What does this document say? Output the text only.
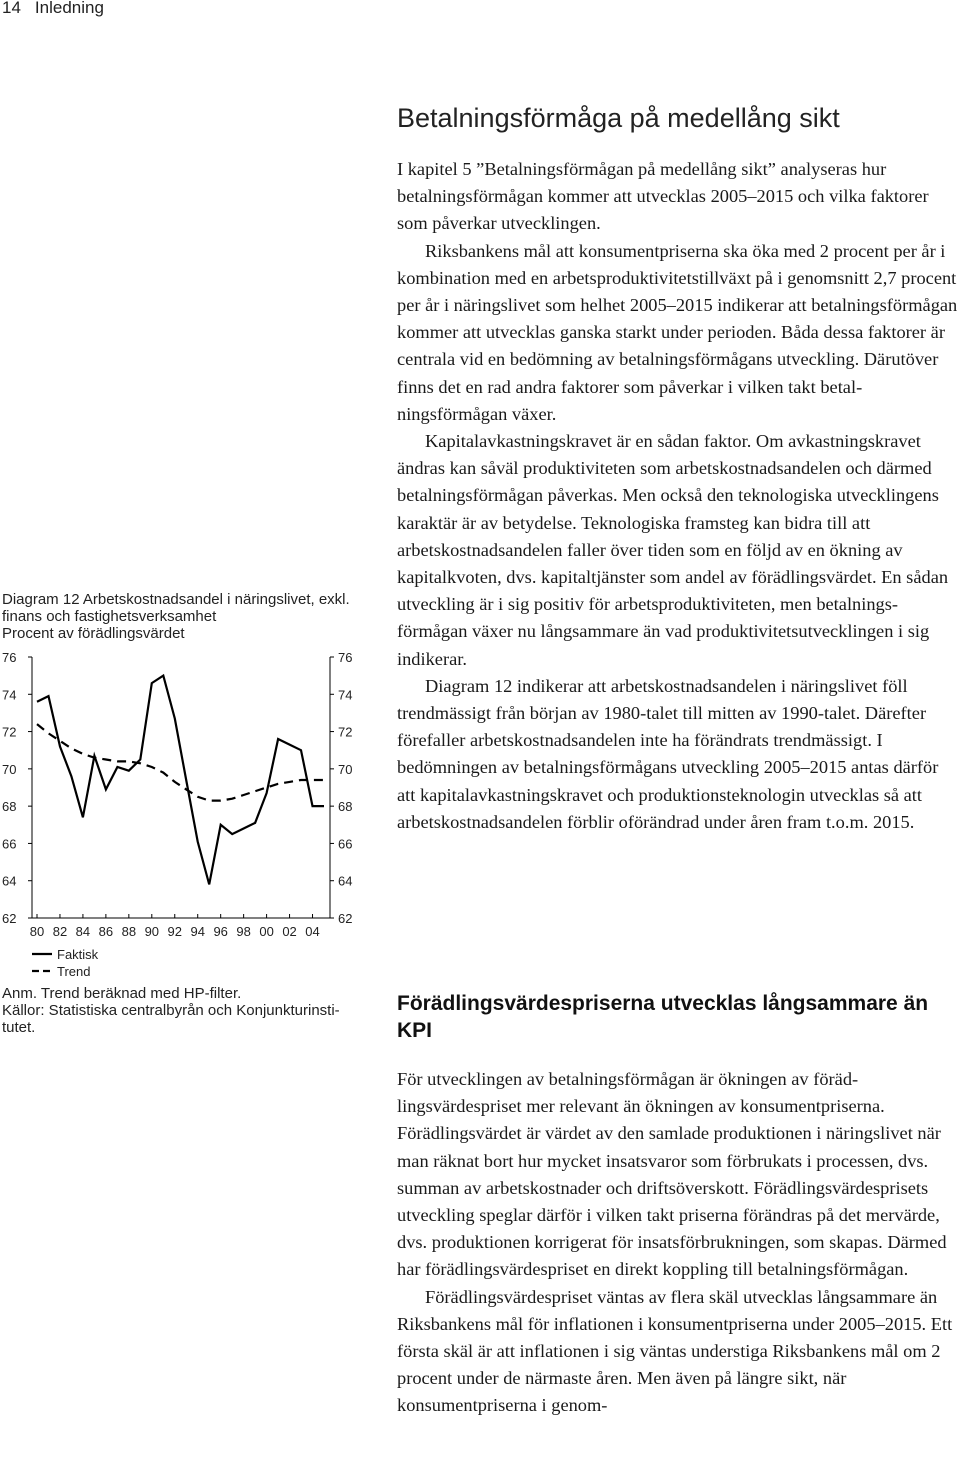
14 Inledning

Diagram 12 Arbetskostnadsandel i näringslivet, exkl. finans och fastighetsverksamhet

Procent av förädlingsvärdet

62	62
64	64
66	66
68	68
70	70
72	72
74	74
76	76
80 82 84 86 88 90 92 94 96 98 00 02 04
Faktisk
Trend

Anm. Trend beräknad med HP-filter.

Källor: Statistiska centralbyrån och Konjunkturinstitutet.

Betalningsförmåga på medellång sikt

I kapitel 5 ”Betalningsförmågan på medellång sikt” analyseras hur betalningsförmågan kommer att utvecklas 2005–2015 och vilka faktorer som påverkar utvecklingen.

Riksbankens mål att konsumentpriserna ska öka med 2 procent per år i kombination med en arbetsproduktivitetstillväxt på i genomsnitt 2,7 procent per år i näringslivet som helhet 2005–2015 indikerar att betalningsförmågan kommer att utvecklas ganska starkt under perioden. Båda dessa faktorer är centrala vid en bedömning av betalningsförmågans utveckling. Därutöver finns det en rad andra faktorer som påverkar i vilken takt betalningsförmågan växer.

Kapitalavkastningskravet är en sådan faktor. Om avkastningskravet ändras kan såväl produktiviteten som arbetskostnadsandelen och därmed betalningsförmågan påverkas. Men också den teknologiska utvecklingens karaktär är av betydelse. Teknologiska framsteg kan bidra till att arbetskostnadsandelen faller över tiden som en följd av en ökning av kapitalkvoten, dvs. kapitaltjänster som andel av förädlingsvärdet. En sådan utveckling är i sig positiv för arbetsproduktiviteten, men betalningsförmågan växer nu långsammare än vad produktivitetsutvecklingen i sig indikerar.

Diagram 12 indikerar att arbetskostnadsandelen i näringslivet föll trendmässigt från början av 1980-talet till mitten av 1990-talet. Därefter förefaller arbetskostnadsandelen inte ha förändrats trendmässigt. I bedömningen av betalningsförmågans utveckling 2005–2015 antas därför att kapitalavkastningskravet och produktionsteknologin utvecklas så att arbetskostnadsandelen förblir oförändrad under åren fram t.o.m. 2015.

Förädlingsvärdespriserna utvecklas långsammare än KPI

För utvecklingen av betalningsförmågan är ökningen av förädlingsvärdespriset mer relevant än ökningen av konsumentpriserna. Förädlingsvärdet är värdet av den samlade produktionen i näringslivet när man räknat bort hur mycket insatsvaror som förbrukats i processen, dvs. summan av arbetskostnader och driftsöverskott. Förädlingsvärdesprisets utveckling speglar därför i vilken takt priserna förändras på det mervärde, dvs. produktionen korrigerat för insatsförbrukningen, som skapas. Därmed har förädlingsvärdespriset en direkt koppling till betalningsförmågan.

Förädlingsvärdespriset väntas av flera skäl utvecklas långsammare än Riksbankens mål för inflationen i konsumentpriserna under 2005–2015. Ett första skäl är att inflationen i sig väntas understiga Riksbankens mål om 2 procent under de närmaste åren. Men även på längre sikt, när konsumentpriserna i genom-
